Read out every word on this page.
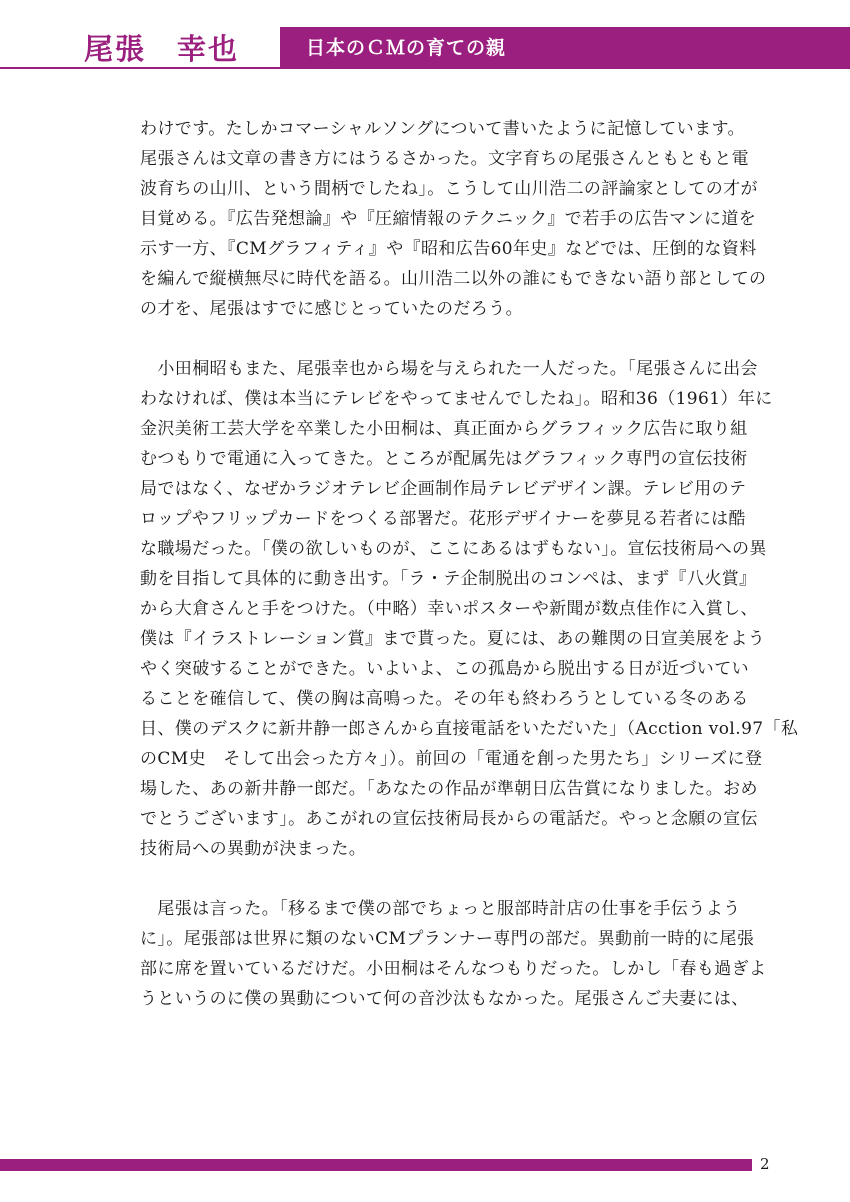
尾張　幸也	日本のＣＭの育ての親
わけです。たしかコマーシャルソングについて書いたように記憶しています。
尾張さんは文章の書き方にはうるさかった。文字育ちの尾張さんともともと電
波育ちの山川、という間柄でしたね」。こうして山川浩二の評論家としての才が
目覚める。『広告発想論』や『圧縮情報のテクニック』で若手の広告マンに道を
示す一方、『CMグラフィティ』や『昭和広告60年史』などでは、圧倒的な資料
を編んで縦横無尽に時代を語る。山川浩二以外の誰にもできない語り部としての
の才を、尾張はすでに感じとっていたのだろう。
　小田桐昭もまた、尾張幸也から場を与えられた一人だった。「尾張さんに出会
わなければ、僕は本当にテレビをやってませんでしたね」。昭和36（1961）年に
金沢美術工芸大学を卒業した小田桐は、真正面からグラフィック広告に取り組
むつもりで電通に入ってきた。ところが配属先はグラフィック専門の宣伝技術
局ではなく、なぜかラジオテレビ企画制作局テレビデザイン課。テレビ用のテ
ロップやフリップカードをつくる部署だ。花形デザイナーを夢見る若者には酷
な職場だった。「僕の欲しいものが、ここにあるはずもない」。宣伝技術局への異
動を目指して具体的に動き出す。「ラ・テ企制脱出のコンペは、まず『八火賞』
から大倉さんと手をつけた。（中略）幸いポスターや新聞が数点佳作に入賞し、
僕は『イラストレーション賞』まで貰った。夏には、あの難関の日宣美展をよう
やく突破することができた。いよいよ、この孤島から脱出する日が近づいてい
ることを確信して、僕の胸は高鳴った。その年も終わろうとしている冬のある
日、僕のデスクに新井静一郎さんから直接電話をいただいた」（Acction vol.97「私
のCM史　そして出会った方々」）。前回の「電通を創った男たち」シリーズに登
場した、あの新井静一郎だ。「あなたの作品が準朝日広告賞になりました。おめ
でとうございます」。あこがれの宣伝技術局長からの電話だ。やっと念願の宣伝
技術局への異動が決まった。
　尾張は言った。「移るまで僕の部でちょっと服部時計店の仕事を手伝うよう
に」。尾張部は世界に類のないCMプランナー専門の部だ。異動前一時的に尾張
部に席を置いているだけだ。小田桐はそんなつもりだった。しかし「春も過ぎよ
うというのに僕の異動について何の音沙汰もなかった。尾張さんご夫妻には、
2
